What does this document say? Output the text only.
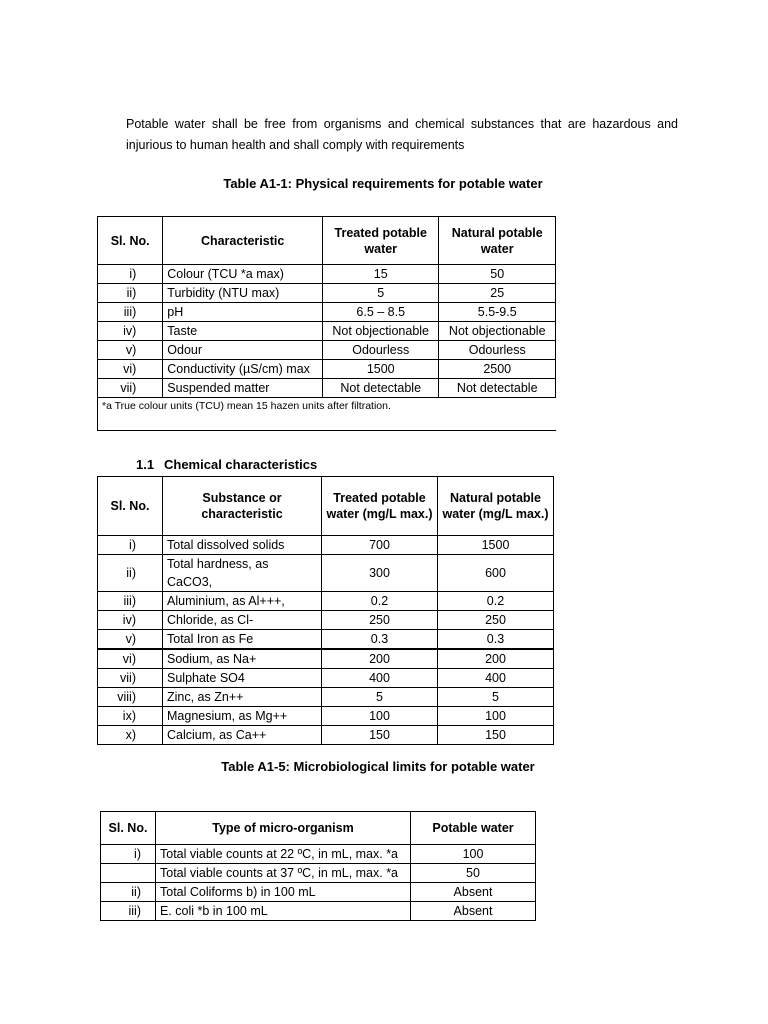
Potable water shall be free from organisms and chemical substances that are hazardous and injurious to human health and shall comply with requirements

Table A1-1: Physical requirements for potable water
Sl. No.	Characteristic	Treated potable water	Natural potable water
i)	Colour (TCU *a max)	15	50
ii)	Turbidity (NTU max)	5	25
iii)	pH	6.5 – 8.5	5.5-9.5
iv)	Taste	Not objectionable	Not objectionable
v)	Odour	Odourless	Odourless
vi)	Conductivity (µS/cm) max	1500	2500
vii)	Suspended matter	Not detectable	Not detectable
*a True colour units (TCU) mean 15 hazen units after filtration.			
1.1 Chemical characteristics
Sl. No.	Substance or characteristic	Treated potable water (mg/L max.)	Natural potable water (mg/L max.)
i)	Total dissolved solids	700	1500
ii)	Total hardness, as CaCO3,	300	600
iii)	Aluminium, as Al+++,	0.2	0.2
iv)	Chloride, as Cl-	250	250
v)	Total Iron as Fe	0.3	0.3
vi)	Sodium, as Na+	200	200
vii)	Sulphate SO4	400	400
viii)	Zinc, as Zn++	5	5
ix)	Magnesium, as Mg++	100	100
x)	Calcium, as Ca++	150	150
Table A1-5: Microbiological limits for potable water
Sl. No.	Type of micro-organism	Potable water
i)	Total viable counts at 22 ºC, in mL, max. *a	100
	Total viable counts at 37 ºC, in mL, max. *a	50
ii)	Total Coliforms b) in 100 mL	Absent
iii)	E. coli *b in 100 mL	Absent
